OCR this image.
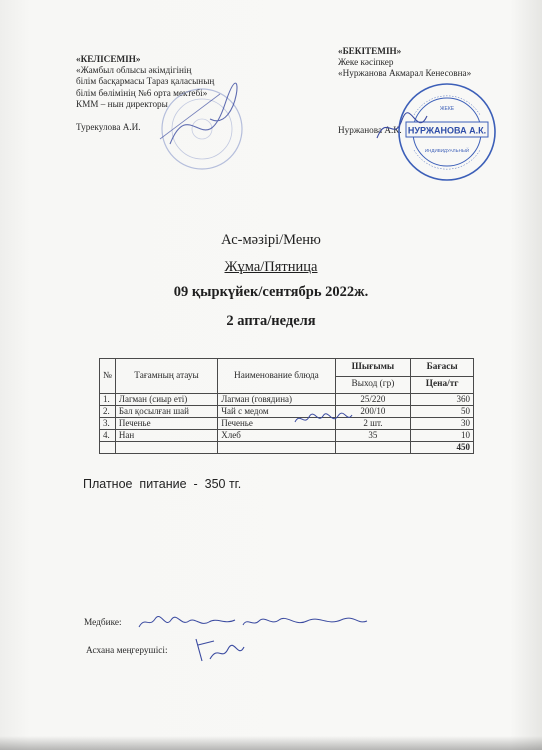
«КЕЛІСЕМІН»
«Жамбыл облысы әкімдігінің
білім басқармасы Тараз қаласының
білім бөлімінің №6 орта мектебі»
КММ – нын директоры
Турекулова А.И.
«БЕКІТЕМІН»
Жеке кәсіпкер
«Нуржанова Акмарал Кенесовна»
Нуржанова А.К. НУРЖАНОВА А.К.
ЖЕКЕ
ИНДИВИДУАЛЬНЫЙ
Ас-мәзірі/Меню
Жұма/Пятница
09 қыркүйек/сентябрь 2022ж.
2 апта/неделя
№	Тағамның атауы	Наименование блюда	Шығымы	Бағасы
			Выход (гр)	Цена/тг
1.	Лагман (сиыр еті)	Лагман (говядина)	25/220	360
2.	Бал қосылған шай	Чай с медом	200/10	50
3.	Печенье	Печенье	2 шт.	30
4.	Нан	Хлеб	35	10
				450
Платное  питание  -  350 тг.
Медбике:
Асхана меңгерушісі:
